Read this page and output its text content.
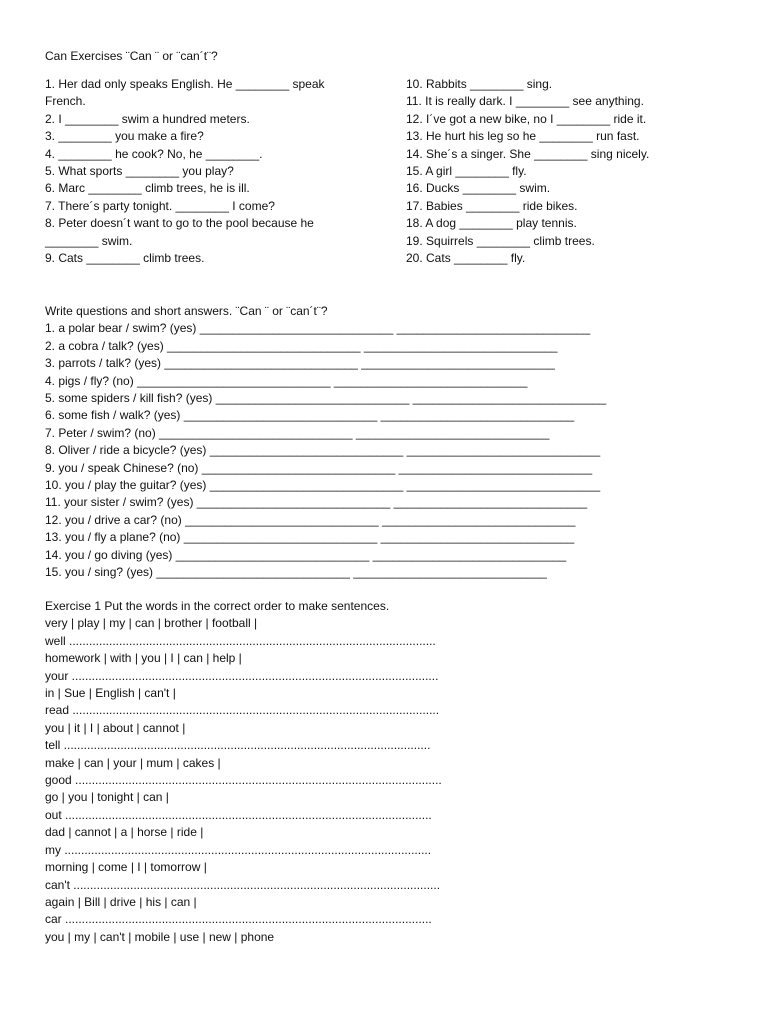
Can Exercises ¨Can ¨ or ¨can´t¨?
1. Her dad only speaks English. He ________ speak French.
2. I ________ swim a hundred meters.
3. ________ you make a fire?
4. ________ he cook? No, he ________.
5. What sports ________ you play?
6. Marc ________ climb trees, he is ill.
7. There´s party tonight. ________ I come?
8. Peter doesn´t want to go to the pool because he ________ swim.
9. Cats ________ climb trees.
10. Rabbits ________ sing.
11. It is really dark. I ________ see anything.
12. I´ve got a new bike, no I ________ ride it.
13. He hurt his leg so he ________ run fast.
14. She´s a singer. She ________ sing nicely.
15. A girl ________ fly.
16. Ducks ________ swim.
17. Babies ________ ride bikes.
18. A dog ________ play tennis.
19. Squirrels ________ climb trees.
20. Cats ________ fly.
Write questions and short answers. ¨Can ¨ or ¨can´t¨?
1. a polar bear / swim? (yes) _____________________________ _____________________________
2. a cobra / talk? (yes) _____________________________ _____________________________
3. parrots / talk? (yes) _____________________________ _____________________________
4. pigs / fly? (no) _____________________________ _____________________________
5. some spiders / kill fish? (yes) _____________________________ _____________________________
6. some fish / walk? (yes) _____________________________ _____________________________
7. Peter / swim? (no) _____________________________ _____________________________
8. Oliver / ride a bicycle? (yes) _____________________________ _____________________________
9. you / speak Chinese? (no) _____________________________ _____________________________
10. you / play the guitar? (yes) _____________________________ _____________________________
11. your sister / swim? (yes) _____________________________ _____________________________
12. you / drive a car? (no) _____________________________ _____________________________
13. you / fly a plane? (no) _____________________________ _____________________________
14. you / go diving (yes) _____________________________ _____________________________
15. you / sing? (yes) _____________________________ _____________________________
Exercise 1 Put the words in the correct order to make sentences.
very | play | my | can | brother | football |
well ..............................................................................................................
homework | with | you | I | can | help |
your ..............................................................................................................
in | Sue | English | can't |
read ..............................................................................................................
you | it | I | about | cannot |
tell ..............................................................................................................
make | can | your | mum | cakes |
good ..............................................................................................................
go | you | tonight | can |
out ..............................................................................................................
dad | cannot | a | horse | ride |
my ..............................................................................................................
morning | come | I | tomorrow |
can't ..............................................................................................................
again | Bill | drive | his | can |
car ..............................................................................................................
you | my | can't | mobile | use | new | phone
